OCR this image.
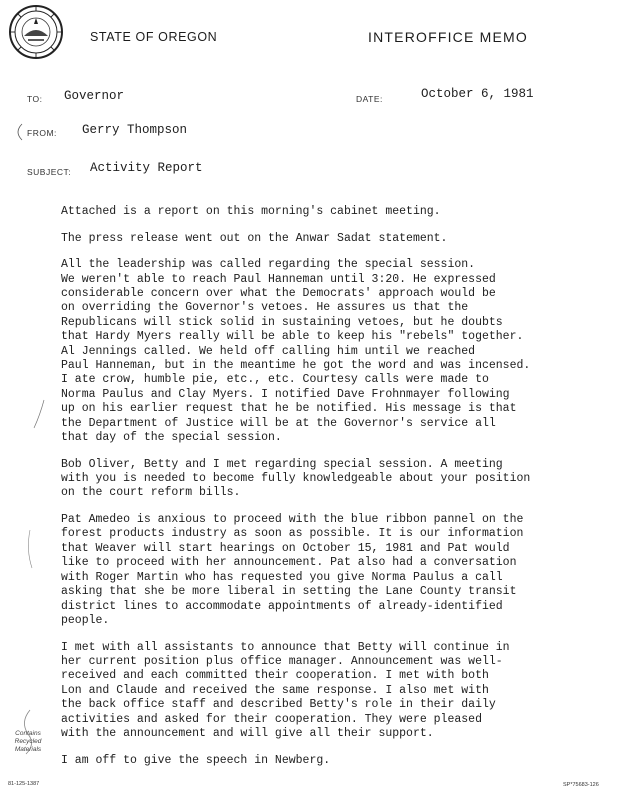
STATE OF OREGON	INTEROFFICE MEMO
TO: Governor	DATE:	October 6, 1981
FROM: Gerry Thompson
SUBJECT: Activity Report

Attached is a report on this morning's cabinet meeting.

The press release went out on the Anwar Sadat statement.

All the leadership was called regarding the special session.
We weren't able to reach Paul Hanneman until 3:20. He expressed
considerable concern over what the Democrats' approach would be
on overriding the Governor's vetoes. He assures us that the
Republicans will stick solid in sustaining vetoes, but he doubts
that Hardy Myers really will be able to keep his "rebels" together.
Al Jennings called. We held off calling him until we reached
Paul Hanneman, but in the meantime he got the word and was incensed.
I ate crow, humble pie, etc., etc. Courtesy calls were made to
Norma Paulus and Clay Myers. I notified Dave Frohnmayer following
up on his earlier request that he be notified. His message is that
the Department of Justice will be at the Governor's service all
that day of the special session.

Bob Oliver, Betty and I met regarding special session. A meeting
with you is needed to become fully knowledgeable about your position
on the court reform bills.

Pat Amedeo is anxious to proceed with the blue ribbon pannel on the
forest products industry as soon as possible. It is our information
that Weaver will start hearings on October 15, 1981 and Pat would
like to proceed with her announcement. Pat also had a conversation
with Roger Martin who has requested you give Norma Paulus a call
asking that she be more liberal in setting the Lane County transit
district lines to accommodate appointments of already-identified
people.

I met with all assistants to announce that Betty will continue in
her current position plus office manager. Announcement was well-
received and each committed their cooperation. I met with both
Lon and Claude and received the same response. I also met with
the back office staff and described Betty's role in their daily
activities and asked for their cooperation. They were pleased
with the announcement and will give all their support.

I am off to give the speech in Newberg.

Contains
Recycled
Materials
81-125-1387	SP*75683-126
